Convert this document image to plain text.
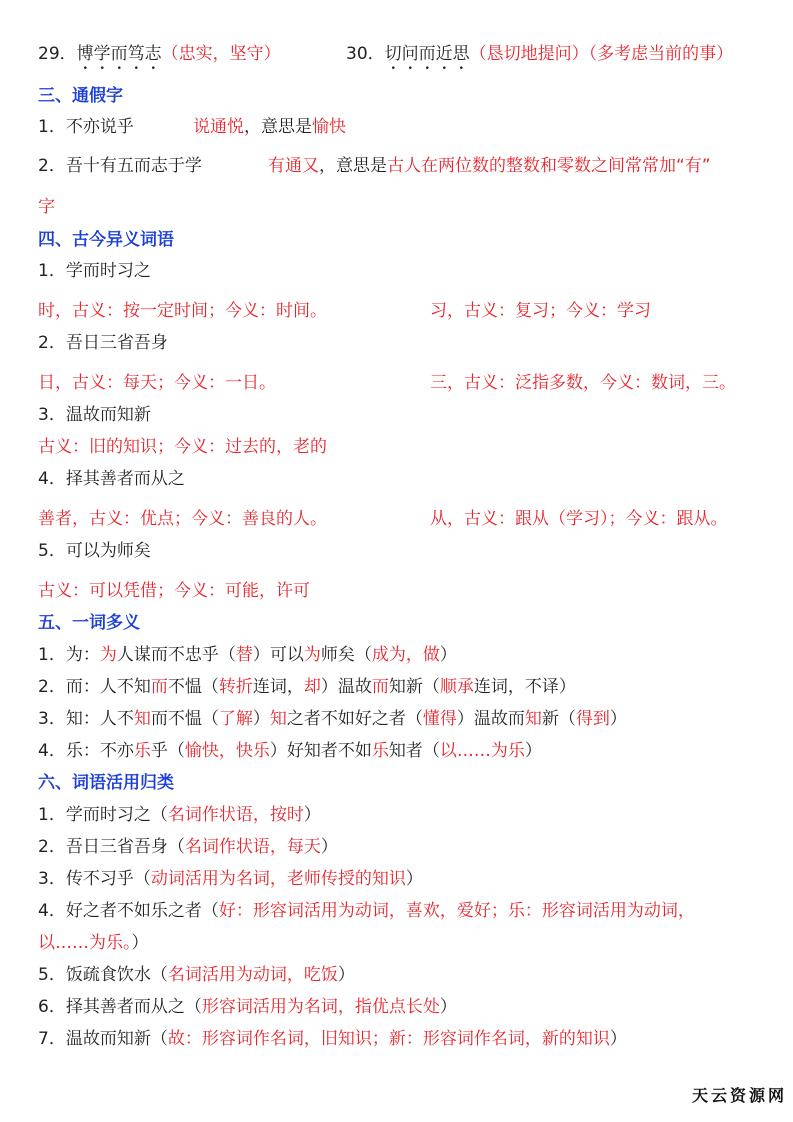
29．博学而笃志（忠实，坚守）	30．切问而近思（恳切地提问）（多考虑当前的事）
三、通假字
1．不亦说乎	说通悦，意思是愉快
2．吾十有五而志于学	有通又，意思是古人在两位数的整数和零数之间常常加“有”
字
四、古今异义词语
1．学而时习之
时，古义：按一定时间；今义：时间。	习，古义：复习；今义：学习
2．吾日三省吾身
日，古义：每天；今义：一日。	三，古义：泛指多数，今义：数词，三。
3．温故而知新
古义：旧的知识；今义：过去的，老的
4．择其善者而从之
善者，古义：优点；今义：善良的人。	从，古义：跟从（学习）；今义：跟从。
5．可以为师矣
古义：可以凭借；今义：可能，许可
五、一词多义
1．为：为人谋而不忠乎（替）可以为师矣（成为，做）
2．而：人不知而不愠（转折连词，却）温故而知新（顺承连词，不译）
3．知：人不知而不愠（了解）知之者不如好之者（懂得）温故而知新（得到）
4．乐：不亦乐乎（愉快，快乐）好知者不如乐知者（以……为乐）
六、词语活用归类
1．学而时习之（名词作状语，按时）
2．吾日三省吾身（名词作状语，每天）
3．传不习乎（动词活用为名词，老师传授的知识）
4．好之者不如乐之者（好：形容词活用为动词，喜欢，爱好；乐：形容词活用为动词，
以……为乐。）
5．饭疏食饮水（名词活用为动词，吃饭）
6．择其善者而从之（形容词活用为名词，指优点长处）
7．温故而知新（故：形容词作名词，旧知识；新：形容词作名词，新的知识）
天云资源网
